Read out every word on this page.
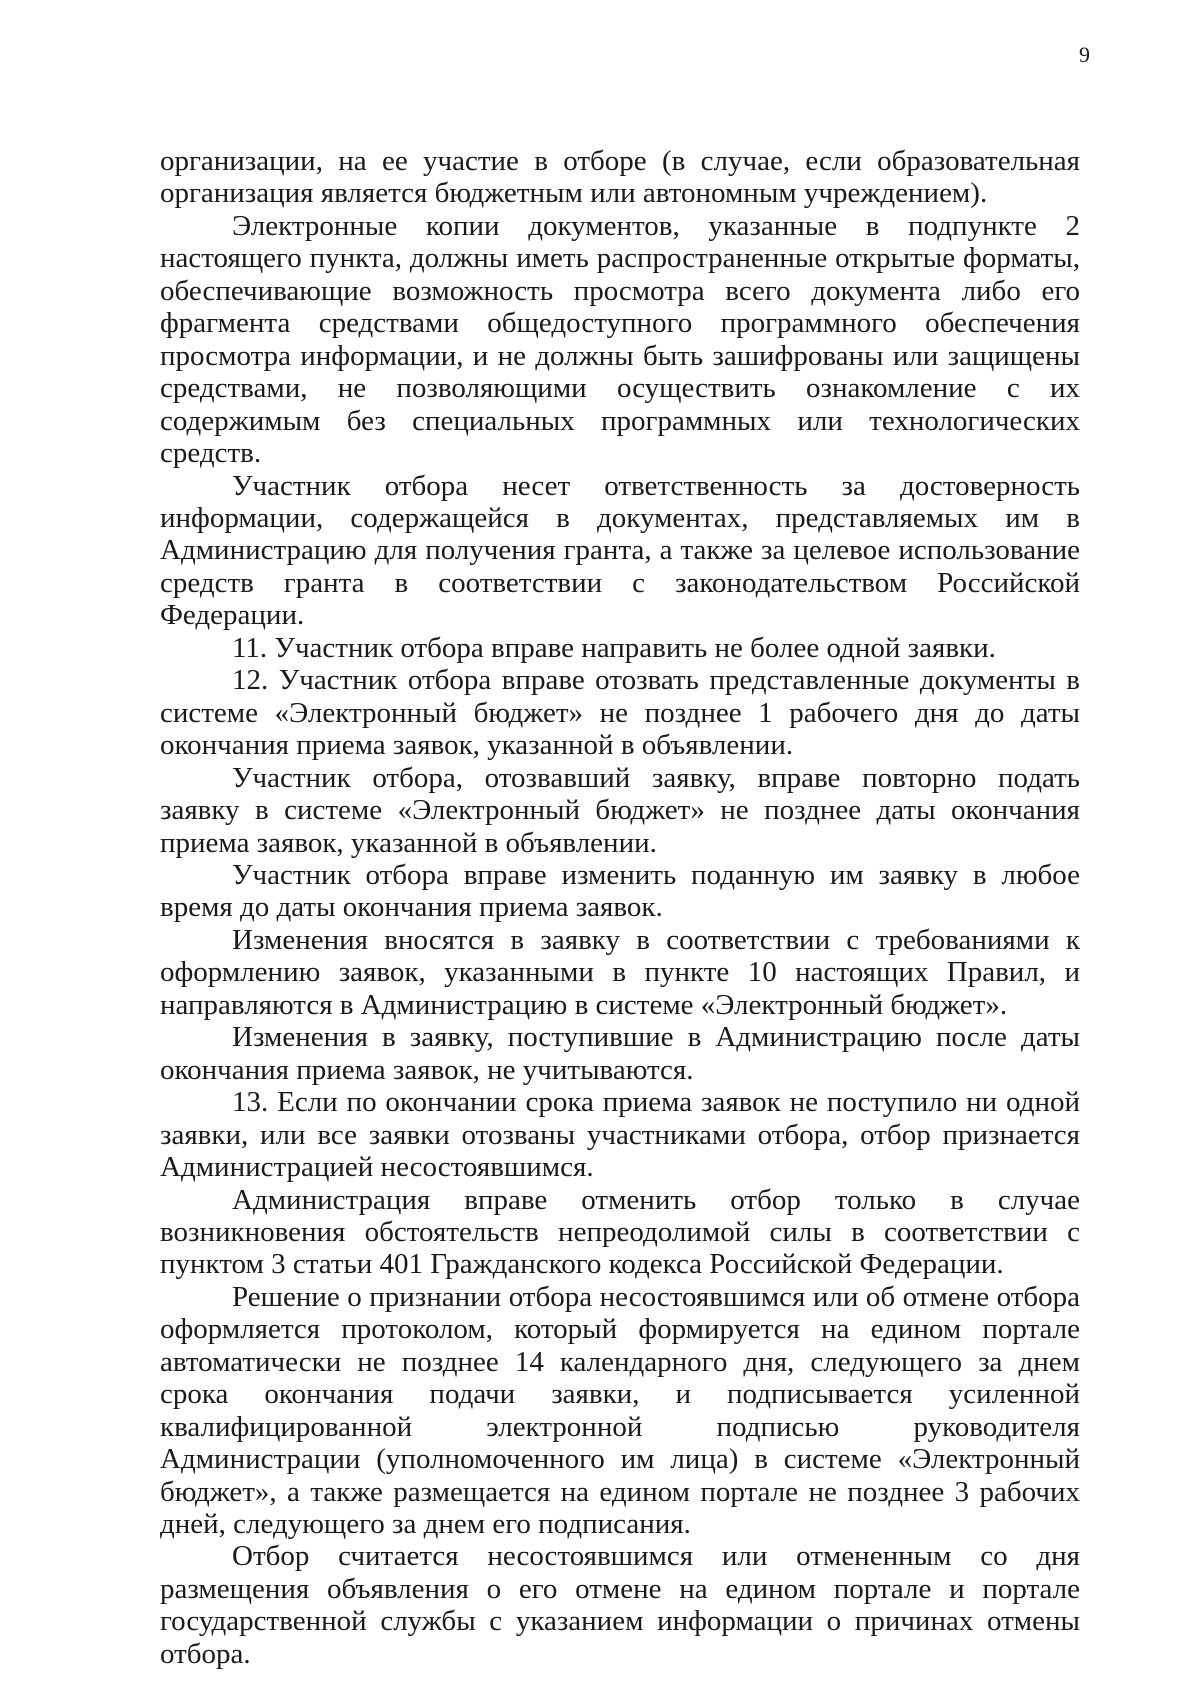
9

организации, на ее участие в отборе (в случае, если образовательная организация является бюджетным или автономным учреждением).

Электронные копии документов, указанные в подпункте 2 настоящего пункта, должны иметь распространенные открытые форматы, обеспечивающие возможность просмотра всего документа либо его фрагмента средствами общедоступного программного обеспечения просмотра информации, и не должны быть зашифрованы или защищены средствами, не позволяющими осуществить ознакомление с их содержимым без специальных программных или технологических средств.

Участник отбора несет ответственность за достоверность информации, содержащейся в документах, представляемых им в Администрацию для получения гранта, а также за целевое использование средств гранта в соответствии с законодательством Российской Федерации.

11. Участник отбора вправе направить не более одной заявки.

12. Участник отбора вправе отозвать представленные документы в системе «Электронный бюджет» не позднее 1 рабочего дня до даты окончания приема заявок, указанной в объявлении.

Участник отбора, отозвавший заявку, вправе повторно подать заявку в системе «Электронный бюджет» не позднее даты окончания приема заявок, указанной в объявлении.

Участник отбора вправе изменить поданную им заявку в любое время до даты окончания приема заявок.

Изменения вносятся в заявку в соответствии с требованиями к оформлению заявок, указанными в пункте 10 настоящих Правил, и направляются в Администрацию в системе «Электронный бюджет».

Изменения в заявку, поступившие в Администрацию после даты окончания приема заявок, не учитываются.

13. Если по окончании срока приема заявок не поступило ни одной заявки, или все заявки отозваны участниками отбора, отбор признается Администрацией несостоявшимся.

Администрация вправе отменить отбор только в случае возникновения обстоятельств непреодолимой силы в соответствии с пунктом 3 статьи 401 Гражданского кодекса Российской Федерации.

Решение о признании отбора несостоявшимся или об отмене отбора оформляется протоколом, который формируется на едином портале автоматически не позднее 14 календарного дня, следующего за днем срока окончания подачи заявки, и подписывается усиленной квалифицированной электронной подписью руководителя Администрации (уполномоченного им лица) в системе «Электронный бюджет», а также размещается на едином портале не позднее 3 рабочих дней, следующего за днем его подписания.

Отбор считается несостоявшимся или отмененным со дня размещения объявления о его отмене на едином портале и портале государственной службы с указанием информации о причинах отмены отбора.
